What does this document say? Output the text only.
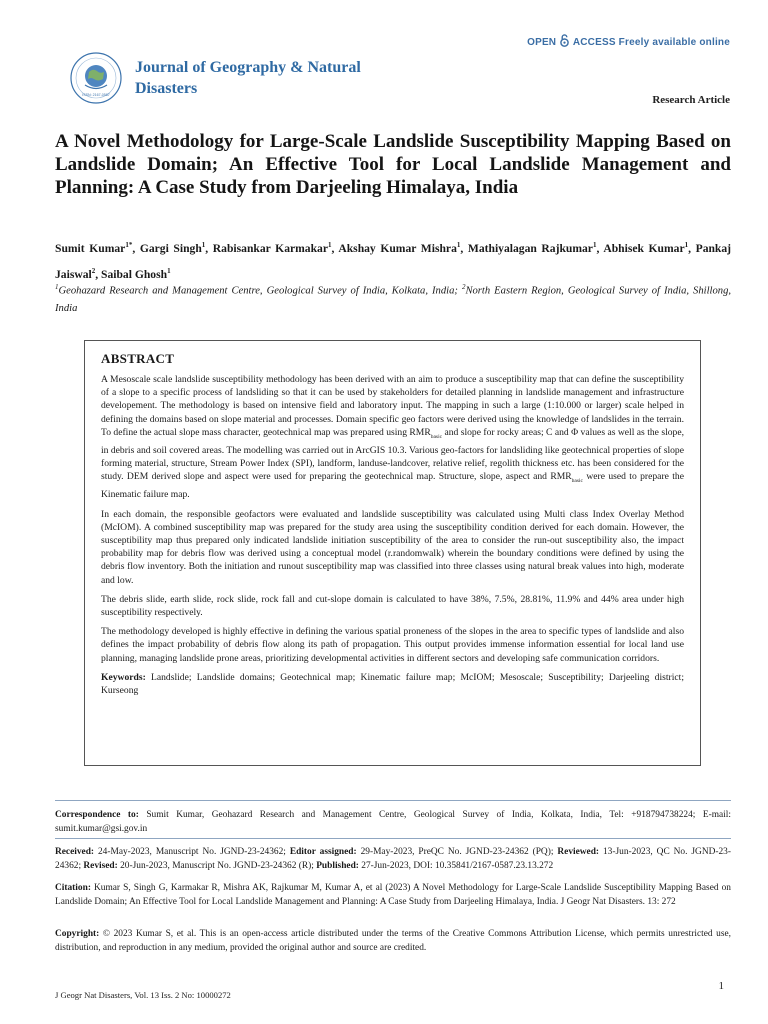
OPEN ACCESS Freely available online
ISSN: 2167-0587
Journal of Geography & Natural Disasters
Research Article
A Novel Methodology for Large-Scale Landslide Susceptibility Mapping Based on Landslide Domain; An Effective Tool for Local Landslide Management and Planning: A Case Study from Darjeeling Himalaya, India
Sumit Kumar$^{1*}$, Gargi Singh$^1$, Rabisankar Karmakar$^1$, Akshay Kumar Mishra$^1$, Mathiyalagan Rajkumar$^1$, Abhisek Kumar$^1$, Pankaj Jaiswal$^2$, Saibal Ghosh$^1$
$^1$Geohazard Research and Management Centre, Geological Survey of India, Kolkata, India; $^2$North Eastern Region, Geological Survey of India, Shillong, India
ABSTRACT

A Mesoscale scale landslide susceptibility methodology has been derived with an aim to produce a susceptibility map that can define the susceptibility of a slope to a specific process of landsliding so that it can be used by stakeholders for detailed planning in landslide management and infrastructure developement. The methodology is based on intensive field and laboratory input. The mapping in such a large (1:10.000 or larger) scale helped in defining the domains based on slope material and processes. Domain specific geo factors were derived using the knowledge of landslides in the terrain. To define the actual slope mass character, geotechnical map was prepared using $RMR_{basic}$ and slope for rocky areas; C and Φ values as well as the slope, in debris and soil covered areas. The modelling was carried out in ArcGIS 10.3. Various geo-factors for landsliding like geotechnical properties of slope forming material, structure, Stream Power Index (SPI), landform, landuse-landcover, relative relief, regolith thickness etc. has been considered for the study. DEM derived slope and aspect were used for preparing the geotechnical map. Structure, slope, aspect and $RMR_{basic}$ were used to prepare the Kinematic failure map.

In each domain, the responsible geofactors were evaluated and landslide susceptibility was calculated using Multi class Index Overlay Method (McIOM). A combined susceptibility map was prepared for the study area using the susceptibility condition derived for each domain. However, the susceptibility map thus prepared only indicated landslide initiation susceptibility of the area to consider the run-out susceptibility also, the impact probability map for debris flow was derived using a conceptual model (r.randomwalk) wherein the boundary conditions were defined by using the debris flow inventory. Both the initiation and runout susceptibility map was classified into three classes using natural break values into high, moderate and low.

The debris slide, earth slide, rock slide, rock fall and cut-slope domain is calculated to have 38%, 7.5%, 28.81%, 11.9% and 44% area under high susceptibility respectively.

The methodology developed is highly effective in defining the various spatial proneness of the slopes in the area to specific types of landslide and also defines the impact probability of debris flow along its path of propagation. This output provides immense information essential for local land use planning, managing landslide prone areas, prioritizing developmental activities in different sectors and developing safe communication corridors.

Keywords: Landslide; Landslide domains; Geotechnical map; Kinematic failure map; McIOM; Mesoscale; Susceptibility; Darjeeling district; Kurseong

Correspondence to: Sumit Kumar, Geohazard Research and Management Centre, Geological Survey of India, Kolkata, India, Tel: +918794738224; E-mail: sumit.kumar@gsi.gov.in
Received: 24-May-2023, Manuscript No. JGND-23-24362; Editor assigned: 29-May-2023, PreQC No. JGND-23-24362 (PQ); Reviewed: 13-Jun-2023, QC No. JGND-23-24362; Revised: 20-Jun-2023, Manuscript No. JGND-23-24362 (R); Published: 27-Jun-2023, DOI: 10.35841/2167-0587.23.13.272
Citation: Kumar S, Singh G, Karmakar R, Mishra AK, Rajkumar M, Kumar A, et al (2023) A Novel Methodology for Large-Scale Landslide Susceptibility Mapping Based on Landslide Domain; An Effective Tool for Local Landslide Management and Planning: A Case Study from Darjeeling Himalaya, India. J Geogr Nat Disasters. 13: 272
Copyright: © 2023 Kumar S, et al. This is an open-access article distributed under the terms of the Creative Commons Attribution License, which permits unrestricted use, distribution, and reproduction in any medium, provided the original author and source are credited.
J Geogr Nat Disasters, Vol. 13 Iss. 2 No: 10000272
1
